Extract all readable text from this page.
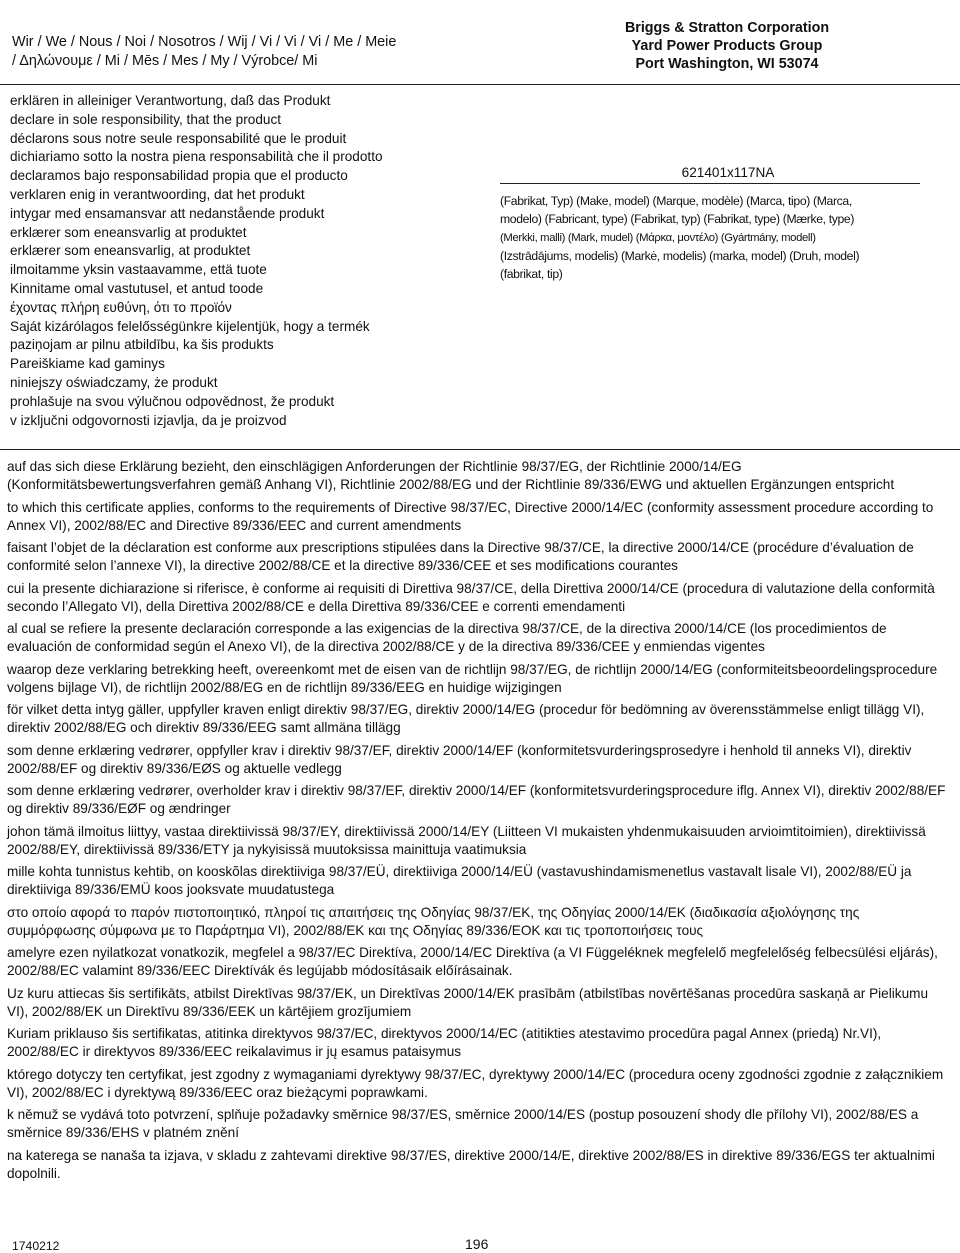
Wir / We / Nous / Noi / Nosotros / Wij / Vi / Vi / Vi / Me / Meie
/ Δηλώνουμε / Mi / Mēs / Mes / My / Výrobce/ Mi
Briggs & Stratton Corporation
Yard Power Products Group
Port Washington, WI 53074
erklären in alleiniger Verantwortung, daß das Produkt
declare in sole responsibility, that the product
déclarons sous notre seule responsabilité que le produit
dichiariamo sotto la nostra piena responsabilità che il prodotto
declaramos bajo responsabilidad propia que el producto
verklaren enig in verantwoording, dat het produkt
intygar med ensamansvar att nedanstående produkt
erklærer som eneansvarlig at produktet
erklærer som eneansvarlig, at produktet
ilmoitamme yksin vastaavamme, että tuote
Kinnitame omal vastutusel, et antud toode
έχοντας πλήρη ευθύνη, ότι το προϊόν
Saját kizárólagos felelősségünkre kijelentjük, hogy a termék
paziņojam ar pilnu atbildību, ka šis produkts
Pareiškiame kad gaminys
niniejszy oświadczamy, że produkt
prohlašuje na svou výlučnou odpovědnost, že produkt
v izključni odgovornosti izjavlja, da je proizvod
621401x117NA
(Fabrikat, Typ) (Make, model) (Marque, modèle) (Marca, tipo) (Marca,
modelo) (Fabricant, type) (Fabrikat, typ) (Fabrikat, type) (Mærke, type)
(Merkki, malli) (Mark, mudel) (Μάρκα, μοντέλο) (Gyártmány, modell)
(Izstrādājums, modelis) (Markė, modelis) (marka, model) (Druh, model)
(fabrikat, tip)

auf das sich diese Erklärung bezieht, den einschlägigen Anforderungen der Richtlinie 98/37/EG, der Richtlinie 2000/14/EG (Konformitätsbewertungsverfahren gemäß Anhang VI), Richtlinie 2002/88/EG und der Richtlinie 89/336/EWG und aktuellen Ergänzungen entspricht

to which this certificate applies, conforms to the requirements of Directive 98/37/EC, Directive 2000/14/EC (conformity assessment procedure according to Annex VI), 2002/88/EC and Directive 89/336/EEC and current amendments

faisant l’objet de la déclaration est conforme aux prescriptions stipulées dans la Directive 98/37/CE, la directive 2000/14/CE (procédure d’évaluation de conformité selon l’annexe VI), la directive 2002/88/CE et la directive 89/336/CEE et ses modifications courantes

cui la presente dichiarazione si riferisce, è conforme ai requisiti di Direttiva 98/37/CE, della Direttiva 2000/14/CE (procedura di valutazione della conformità secondo l’Allegato VI), della Direttiva 2002/88/CE e della Direttiva 89/336/CEE e correnti emendamenti

al cual se refiere la presente declaración corresponde a las exigencias de la directiva 98/37/CE, de la directiva 2000/14/CE (los procedimientos de evaluación de conformidad según el Anexo VI), de la directiva 2002/88/CE y de la directiva 89/336/CEE y enmiendas vigentes

waarop deze verklaring betrekking heeft, overeenkomt met de eisen van de richtlijn 98/37/EG, de richtlijn 2000/14/EG (conformiteitsbeoordelingsprocedure volgens bijlage VI), de richtlijn 2002/88/EG en de richtlijn 89/336/EEG en huidige wijzigingen

för vilket detta intyg gäller, uppfyller kraven enligt direktiv 98/37/EG, direktiv 2000/14/EG (procedur för bedömning av överensstämmelse enligt tillägg VI), direktiv 2002/88/EG och direktiv 89/336/EEG samt allmäna tillägg

som denne erklæring vedrører, oppfyller krav i direktiv 98/37/EF, direktiv 2000/14/EF (konformitetsvurderingsprosedyre i henhold til anneks VI), direktiv 2002/88/EF og direktiv 89/336/EØS og aktuelle vedlegg

som denne erklæring vedrører, overholder krav i direktiv 98/37/EF, direktiv 2000/14/EF (konformitetsvurderingsprocedure iflg. Annex VI), direktiv 2002/88/EF og direktiv 89/336/EØF og ændringer

johon tämä ilmoitus liittyy, vastaa direktiivissä 98/37/EY, direktiivissä 2000/14/EY (Liitteen VI mukaisten yhdenmukaisuuden arvioimtitoimien), direktiivissä 2002/88/EY, direktiivissä 89/336/ETY ja nykyisissä muutoksissa mainittuja vaatimuksia

mille kohta tunnistus kehtib, on kooskõlas direktiiviga 98/37/EÜ, direktiiviga 2000/14/EÜ (vastavushindamismenetlus vastavalt lisale VI), 2002/88/EÜ ja direktiiviga 89/336/EMÜ koos jooksvate muudatustega

στο οποίο αφορά το παρόν πιστοποιητικό, πληροί τις απαιτήσεις της Οδηγίας 98/37/ΕΚ, της Οδηγίας 2000/14/ΕΚ (διαδικασία αξιολόγησης της συμμόρφωσης σύμφωνα με το Παράρτημα VI), 2002/88/ΕΚ και της Οδηγίας 89/336/ΕΟΚ και τις τροποποιήσεις τους

amelyre ezen nyilatkozat vonatkozik, megfelel a 98/37/EC Direktíva, 2000/14/EC Direktíva (a VI Függeléknek megfelelő megfelelőség felbecsülési eljárás), 2002/88/EC valamint 89/336/EEC Direktívák és legújabb módosításaik előírásainak.

Uz kuru attiecas šis sertifikāts, atbilst Direktīvas 98/37/EK, un Direktīvas 2000/14/EK prasībām (atbilstības novērtēšanas procedūra saskaņā ar Pielikumu VI), 2002/88/EK un Direktīvu 89/336/EEK un kārtējiem grozījumiem

Kuriam priklauso šis sertifikatas, atitinka direktyvos 98/37/EC, direktyvos 2000/14/EC (atitikties atestavimo procedūra pagal Annex (priedą) Nr.VI), 2002/88/EC ir direktyvos 89/336/EEC reikalavimus ir jų esamus pataisymus

którego dotyczy ten certyfikat, jest zgodny z wymaganiami dyrektywy 98/37/EC, dyrektywy 2000/14/EC (procedura oceny zgodności zgodnie z załącznikiem VI), 2002/88/EC i dyrektywą 89/336/EEC oraz bieżącymi poprawkami.

k němuž se vydává toto potvrzení, splňuje požadavky směrnice 98/37/ES, směrnice 2000/14/ES (postup posouzení shody dle přílohy VI), 2002/88/ES a směrnice 89/336/EHS v platném znění

na katerega se nanaša ta izjava, v skladu z zahtevami direktive 98/37/ES, direktive 2000/14/E, direktive 2002/88/ES in direktive 89/336/EGS ter aktualnimi dopolnili.

1740212	196
